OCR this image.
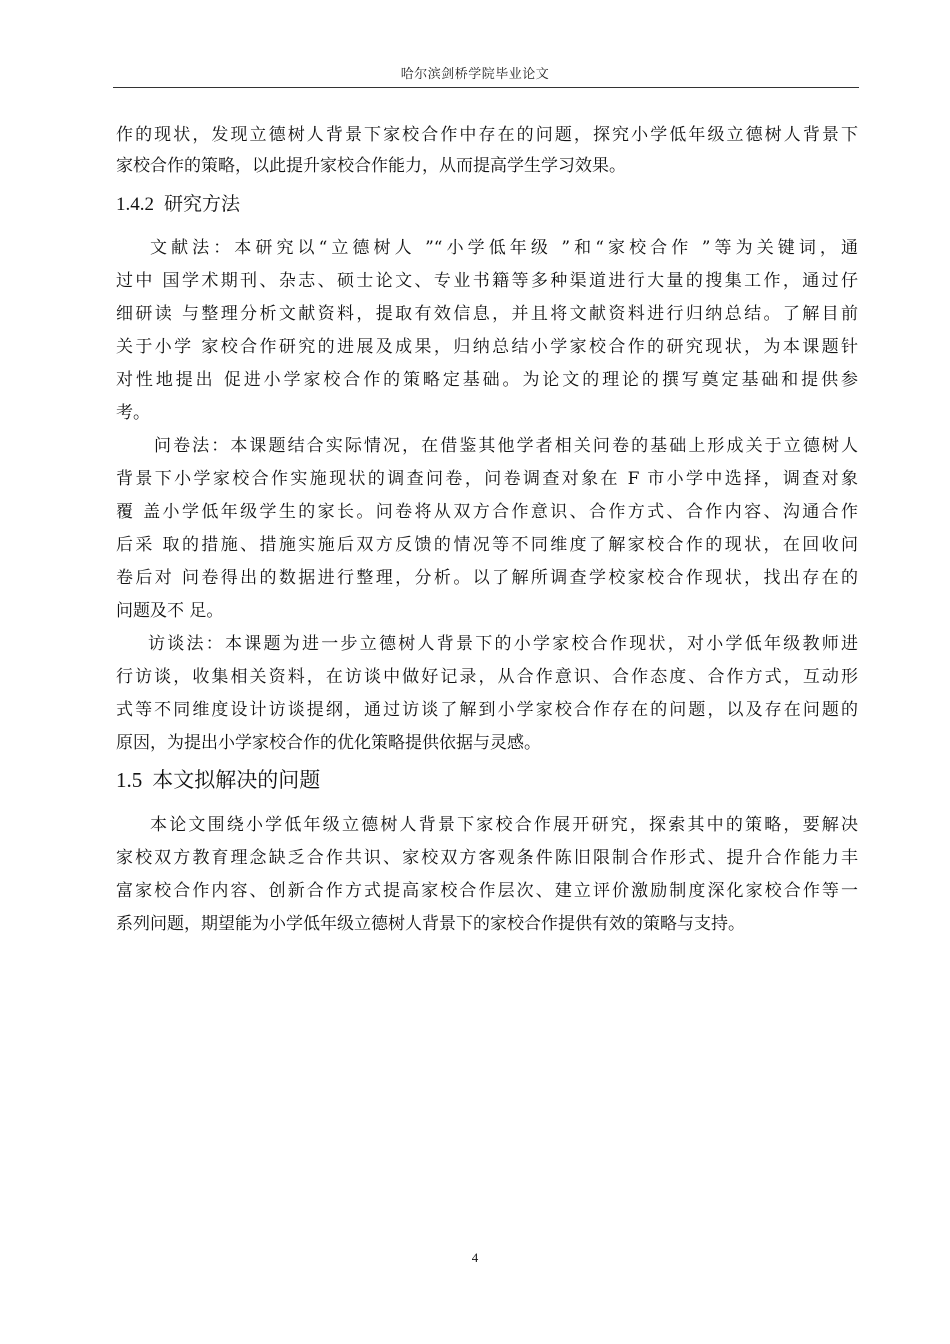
哈尔滨剑桥学院毕业论文
作的现状，发现立德树人背景下家校合作中存在的问题，探究小学低年级立德树人背景下
家校合作的策略，以此提升家校合作能力，从而提高学生学习效果。
1.4.2 研究方法
文献法：本研究以“立德树人 ”“小学低年级 ”和“家校合作 ”等为关键词，通
过中 国学术期刊、杂志、硕士论文、专业书籍等多种渠道进行大量的搜集工作，通过仔
细研读 与整理分析文献资料，提取有效信息，并且将文献资料进行归纳总结。了解目前
关于小学 家校合作研究的进展及成果，归纳总结小学家校合作的研究现状，为本课题针
对性地提出 促进小学家校合作的策略定基础。为论文的理论的撰写奠定基础和提供参
考。
问卷法：本课题结合实际情况，在借鉴其他学者相关问卷的基础上形成关于立德树人
背景下小学家校合作实施现状的调查问卷，问卷调查对象在 F 市小学中选择，调查对象
覆 盖小学低年级学生的家长。问卷将从双方合作意识、合作方式、合作内容、沟通合作
后采 取的措施、措施实施后双方反馈的情况等不同维度了解家校合作的现状，在回收问
卷后对 问卷得出的数据进行整理，分析。以了解所调查学校家校合作现状，找出存在的
问题及不 足。
访谈法：本课题为进一步立德树人背景下的小学家校合作现状，对小学低年级教师进
行访谈，收集相关资料，在访谈中做好记录，从合作意识、合作态度、合作方式，互动形
式等不同维度设计访谈提纲，通过访谈了解到小学家校合作存在的问题，以及存在问题的
原因，为提出小学家校合作的优化策略提供依据与灵感。
1.5 本文拟解决的问题
本论文围绕小学低年级立德树人背景下家校合作展开研究，探索其中的策略，要解决
家校双方教育理念缺乏合作共识、家校双方客观条件陈旧限制合作形式、提升合作能力丰
富家校合作内容、创新合作方式提高家校合作层次、建立评价激励制度深化家校合作等一
系列问题，期望能为小学低年级立德树人背景下的家校合作提供有效的策略与支持。
4
